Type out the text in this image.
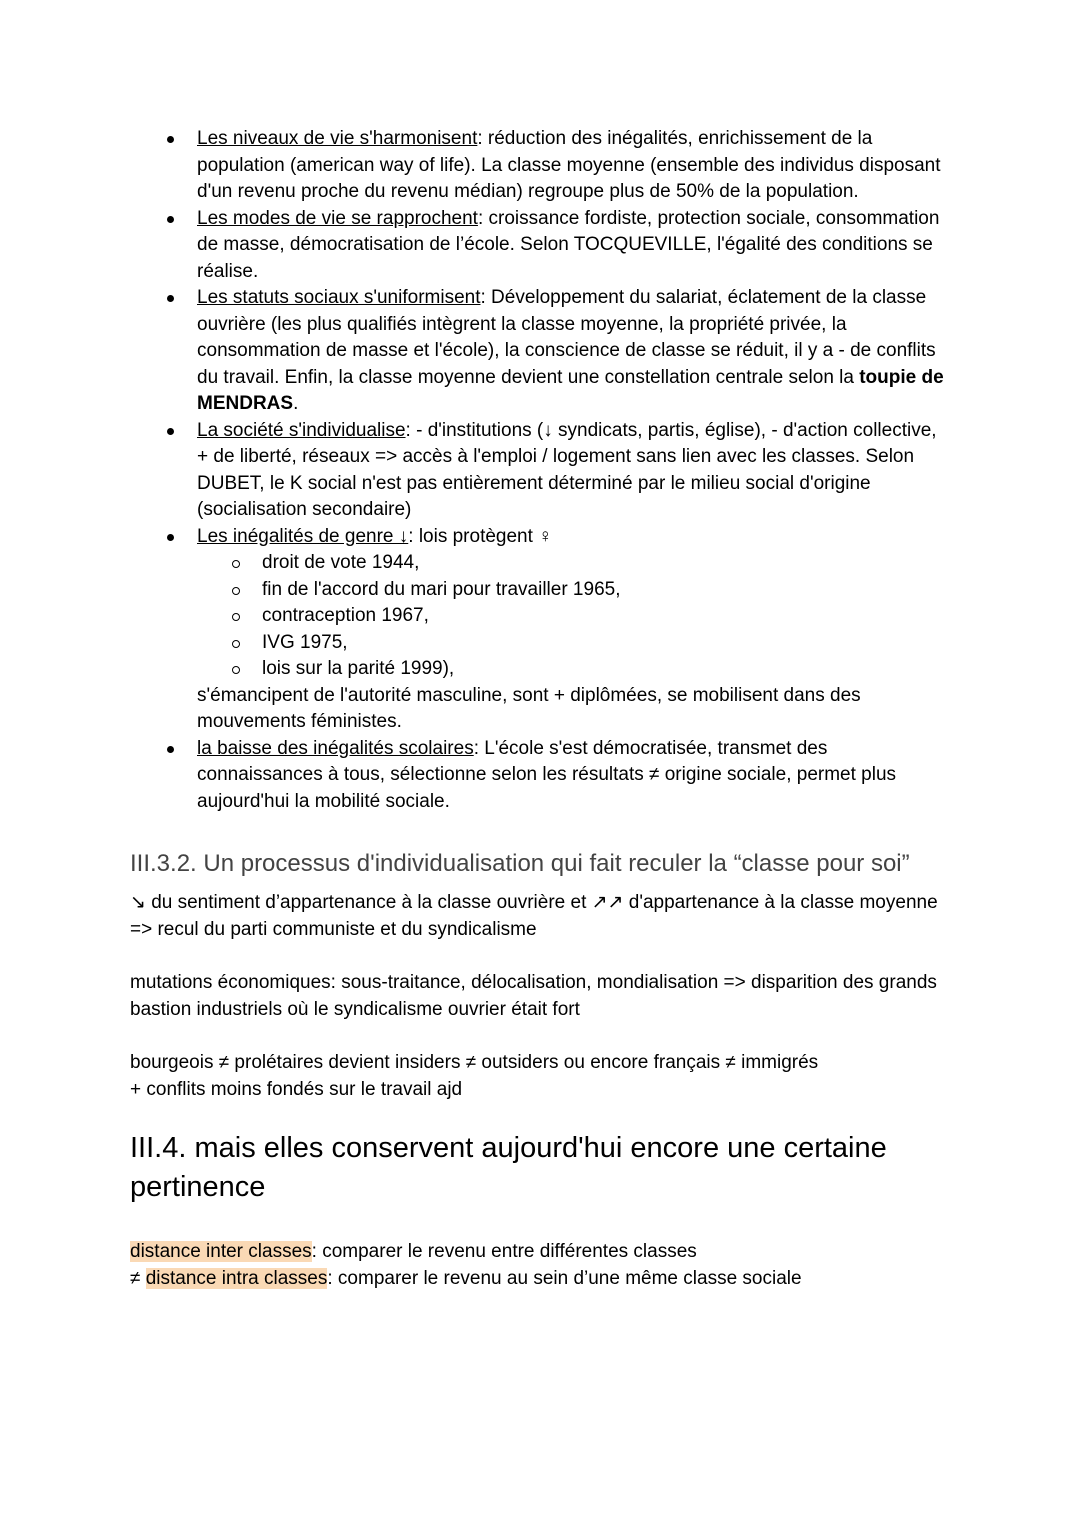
Les niveaux de vie s'harmonisent: réduction des inégalités, enrichissement de la population (american way of life). La classe moyenne (ensemble des individus disposant d'un revenu proche du revenu médian) regroupe plus de 50% de la population.
Les modes de vie se rapprochent: croissance fordiste, protection sociale, consommation de masse, démocratisation de l’école. Selon TOCQUEVILLE, l'égalité des conditions se réalise.
Les statuts sociaux s'uniformisent: Développement du salariat, éclatement de la classe ouvrière (les plus qualifiés intègrent la classe moyenne, la propriété privée, la consommation de masse et l'école), la conscience de classe se réduit, il y a - de conflits du travail. Enfin, la classe moyenne devient une constellation centrale selon la toupie de MENDRAS.
La société s'individualise: - d'institutions (↓ syndicats, partis, église), - d'action collective, + de liberté, réseaux => accès à l'emploi / logement sans lien avec les classes. Selon DUBET, le K social n'est pas entièrement déterminé par le milieu social d'origine (socialisation secondaire)
Les inégalités de genre ↓: lois protègent ♀
droit de vote 1944,
fin de l'accord du mari pour travailler 1965,
contraception 1967,
IVG 1975,
lois sur la parité 1999),
s'émancipent de l'autorité masculine, sont + diplômées, se mobilisent dans des mouvements féministes.
la baisse des inégalités scolaires: L'école s'est démocratisée, transmet des connaissances à tous, sélectionne selon les résultats ≠ origine sociale, permet plus aujourd'hui la mobilité sociale.
III.3.2. Un processus d'individualisation qui fait reculer la “classe pour soi”

↘ du sentiment d’appartenance à la classe ouvrière et ↗↗ d'appartenance à la classe moyenne => recul du parti communiste et du syndicalisme

mutations économiques: sous-traitance, délocalisation, mondialisation => disparition des grands bastion industriels où le syndicalisme ouvrier était fort

bourgeois ≠ prolétaires devient insiders ≠ outsiders ou encore français ≠ immigrés
+ conflits moins fondés sur le travail ajd

III.4. mais elles conservent aujourd'hui encore une certaine pertinence

distance inter classes: comparer le revenu entre différentes classes
≠ distance intra classes: comparer le revenu au sein d’une même classe sociale
